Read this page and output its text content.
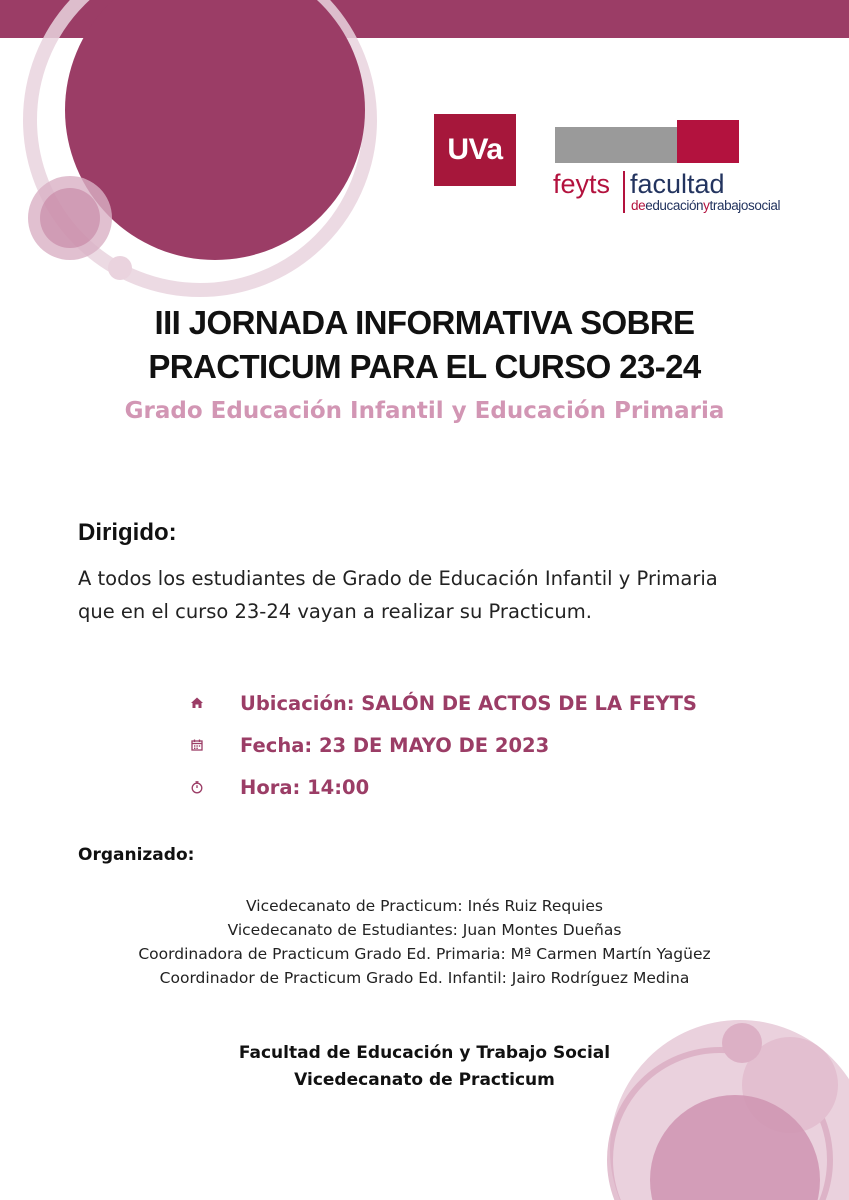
UVa
feyts facultad
deeducaciónytrabajosocial
III JORNADA INFORMATIVA SOBRE
PRACTICUM PARA EL CURSO 23-24

Grado Educación Infantil y Educación Primaria

Dirigido:
A todos los estudiantes de Grado de Educación Infantil y Primaria
que en el curso 23-24 vayan a realizar su Practicum.
Ubicación: SALÓN DE ACTOS DE LA FEYTS
Fecha: 23 DE MAYO DE 2023
Hora: 14:00
Organizado:
Vicedecanato de Practicum: Inés Ruiz Requies
Vicedecanato de Estudiantes: Juan Montes Dueñas
Coordinadora de Practicum Grado Ed. Primaria: Mª Carmen Martín Yagüez
Coordinador de Practicum Grado Ed. Infantil: Jairo Rodríguez Medina
Facultad de Educación y Trabajo Social
Vicedecanato de Practicum
